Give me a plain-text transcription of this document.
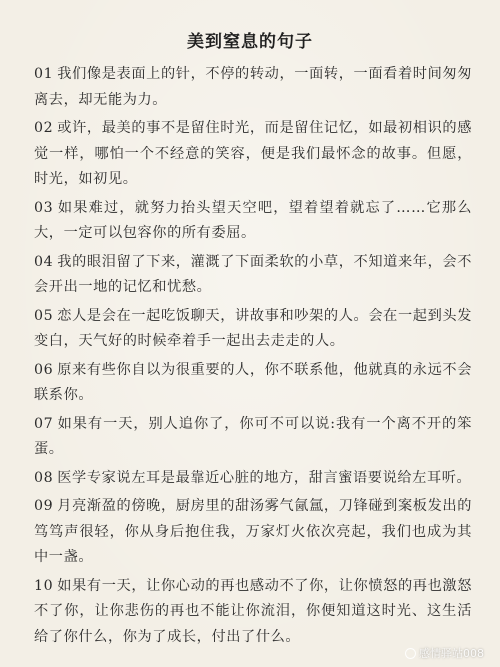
美到窒息的句子
01 我们像是表面上的针，不停的转动，一面转，一面看着时间匆匆离去，却无能为力。
02 或许，最美的事不是留住时光，而是留住记忆，如最初相识的感觉一样，哪怕一个不经意的笑容，便是我们最怀念的故事。但愿，时光，如初见。
03 如果难过，就努力抬头望天空吧，望着望着就忘了……它那么大，一定可以包容你的所有委屈。
04 我的眼泪留了下来，灌溉了下面柔软的小草，不知道来年，会不会开出一地的记忆和忧愁。
05 恋人是会在一起吃饭聊天，讲故事和吵架的人。会在一起到头发变白，天气好的时候牵着手一起出去走走的人。
06 原来有些你自以为很重要的人，你不联系他，他就真的永远不会联系你。
07 如果有一天，别人追你了，你可不可以说:我有一个离不开的笨蛋。
08 医学专家说左耳是最靠近心脏的地方，甜言蜜语要说给左耳听。
09 月亮渐盈的傍晚，厨房里的甜汤雾气氤氲，刀锋碰到案板发出的笃笃声很轻，你从身后抱住我，万家灯火依次亮起，我们也成为其中一盏。
10 如果有一天，让你心动的再也感动不了你，让你愤怒的再也激怒不了你，让你悲伤的再也不能让你流泪，你便知道这时光、这生活给了你什么，你为了成长，付出了什么。
感情驿站008
